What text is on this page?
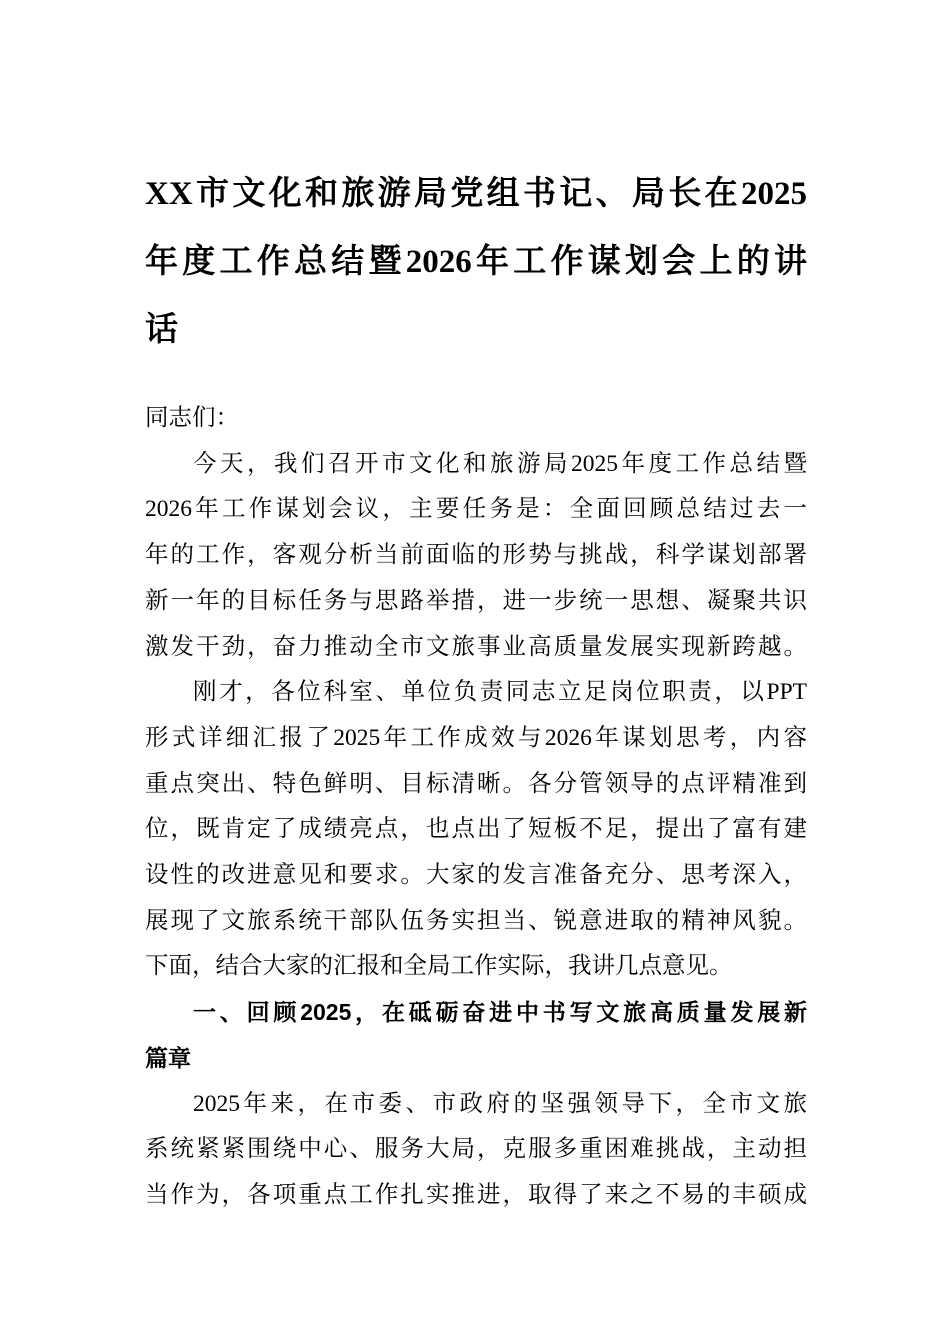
XX市文化和旅游局党组书记、局长在2025
年度工作总结暨2026年工作谋划会上的讲
话
同志们：
今天，我们召开市文化和旅游局2025年度工作总结暨
2026年工作谋划会议，主要任务是：全面回顾总结过去一
年的工作，客观分析当前面临的形势与挑战，科学谋划部署
新一年的目标任务与思路举措，进一步统一思想、凝聚共识
激发干劲，奋力推动全市文旅事业高质量发展实现新跨越。
刚才，各位科室、单位负责同志立足岗位职责，以PPT
形式详细汇报了2025年工作成效与2026年谋划思考，内容
重点突出、特色鲜明、目标清晰。各分管领导的点评精准到
位，既肯定了成绩亮点，也点出了短板不足，提出了富有建
设性的改进意见和要求。大家的发言准备充分、思考深入，
展现了文旅系统干部队伍务实担当、锐意进取的精神风貌。
下面，结合大家的汇报和全局工作实际，我讲几点意见。
一、回顾2025，在砥砺奋进中书写文旅高质量发展新
篇章
2025年来，在市委、市政府的坚强领导下，全市文旅
系统紧紧围绕中心、服务大局，克服多重困难挑战，主动担
当作为，各项重点工作扎实推进，取得了来之不易的丰硕成
